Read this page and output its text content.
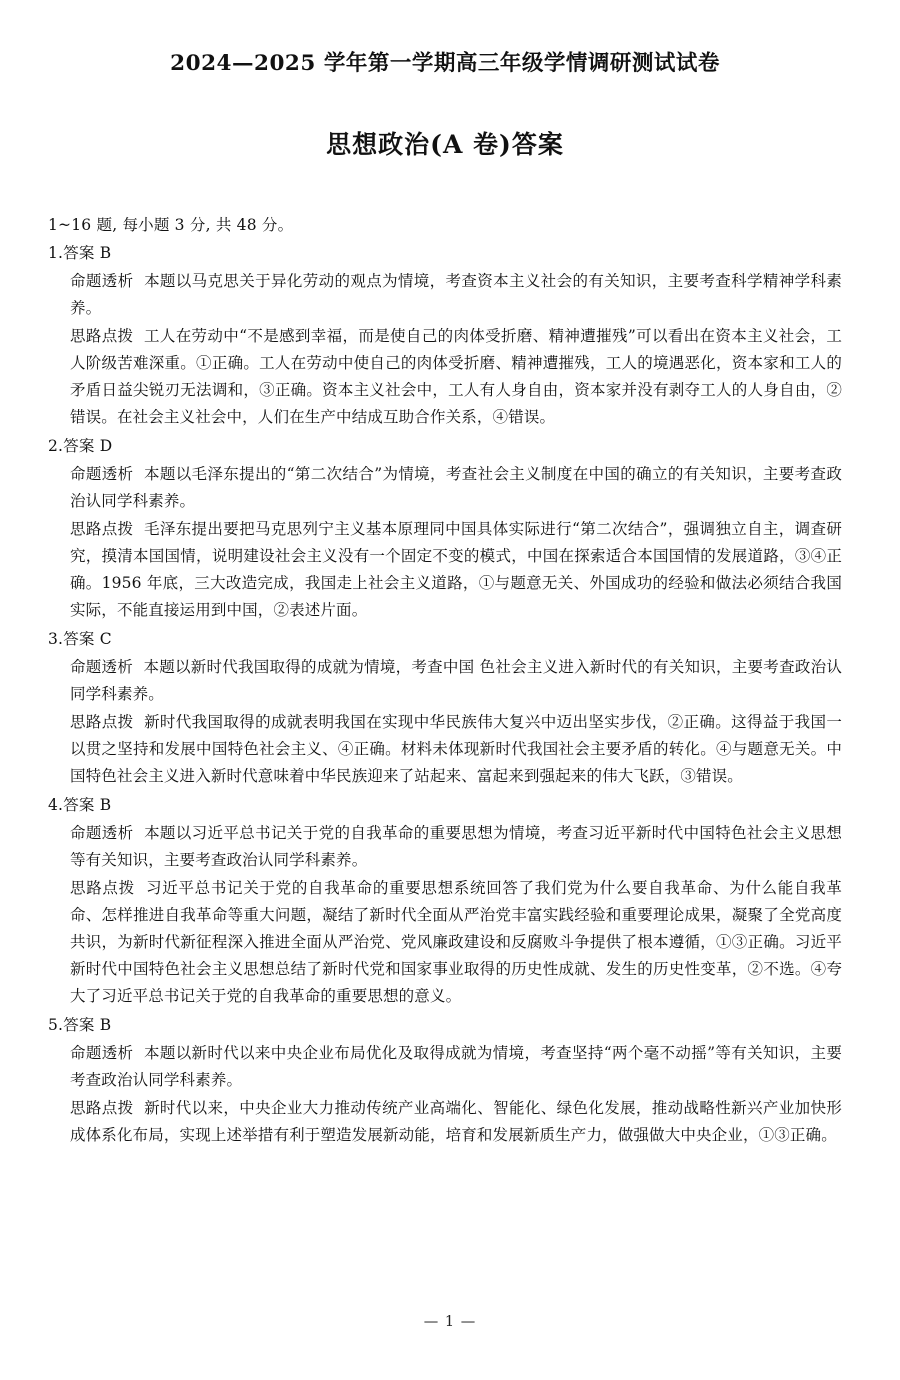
2024—2025 学年第一学期高三年级学情调研测试试卷
思想政治(A 卷)答案
1~16 题, 每小题 3 分, 共 48 分。
1.答案 B
命题透析 本题以马克思关于异化劳动的观点为情境，考查资本主义社会的有关知识，主要考查科学精神学科素养。
思路点拨 工人在劳动中“不是感到幸福，而是使自己的肉体受折磨、精神遭摧残”可以看出在资本主义社会，工人阶级苦难深重。①正确。工人在劳动中使自己的肉体受折磨、精神遭摧残，工人的境遇恶化，资本家和工人的矛盾日益尖锐刃无法调和，③正确。资本主义社会中，工人有人身自由，资本家并没有剥夺工人的人身自由，②错误。在社会主义社会中，人们在生产中结成互助合作关系，④错误。
2.答案 D
命题透析 本题以毛泽东提出的“第二次结合”为情境，考查社会主义制度在中国的确立的有关知识，主要考查政治认同学科素养。
思路点拨 毛泽东提出要把马克思列宁主义基本原理同中国具体实际进行“第二次结合”，强调独立自主，调查研究，摸清本国国情，说明建设社会主义没有一个固定不变的模式，中国在探索适合本国国情的发展道路，③④正确。1956 年底，三大改造完成，我国走上社会主义道路，①与题意无关、外国成功的经验和做法必须结合我国实际，不能直接运用到中国，②表述片面。
3.答案 C
命题透析 本题以新时代我国取得的成就为情境，考查中国 色社会主义进入新时代的有关知识，主要考查政治认同学科素养。
思路点拨 新时代我国取得的成就表明我国在实现中华民族伟大复兴中迈出坚实步伐，②正确。这得益于我国一以贯之坚持和发展中国特色社会主义、④正确。材料未体现新时代我国社会主要矛盾的转化。④与题意无关。中国特色社会主义进入新时代意味着中华民族迎来了站起来、富起来到强起来的伟大飞跃，③错误。
4.答案 B
命题透析 本题以习近平总书记关于党的自我革命的重要思想为情境，考查习近平新时代中国特色社会主义思想等有关知识，主要考查政治认同学科素养。
思路点拨 习近平总书记关于党的自我革命的重要思想系统回答了我们党为什么要自我革命、为什么能自我革命、怎样推进自我革命等重大问题，凝结了新时代全面从严治党丰富实践经验和重要理论成果，凝聚了全党高度共识，为新时代新征程深入推进全面从严治党、党风廉政建设和反腐败斗争提供了根本遵循，①③正确。习近平新时代中国特色社会主义思想总结了新时代党和国家事业取得的历史性成就、发生的历史性变革，②不选。④夸大了习近平总书记关于党的自我革命的重要思想的意义。
5.答案 B
命题透析 本题以新时代以来中央企业布局优化及取得成就为情境，考查坚持“两个毫不动摇”等有关知识，主要考查政治认同学科素养。
思路点拨 新时代以来，中央企业大力推动传统产业高端化、智能化、绿色化发展，推动战略性新兴产业加快形成体系化布局，实现上述举措有利于塑造发展新动能，培育和发展新质生产力，做强做大中央企业，①③正确。
— 1 —
